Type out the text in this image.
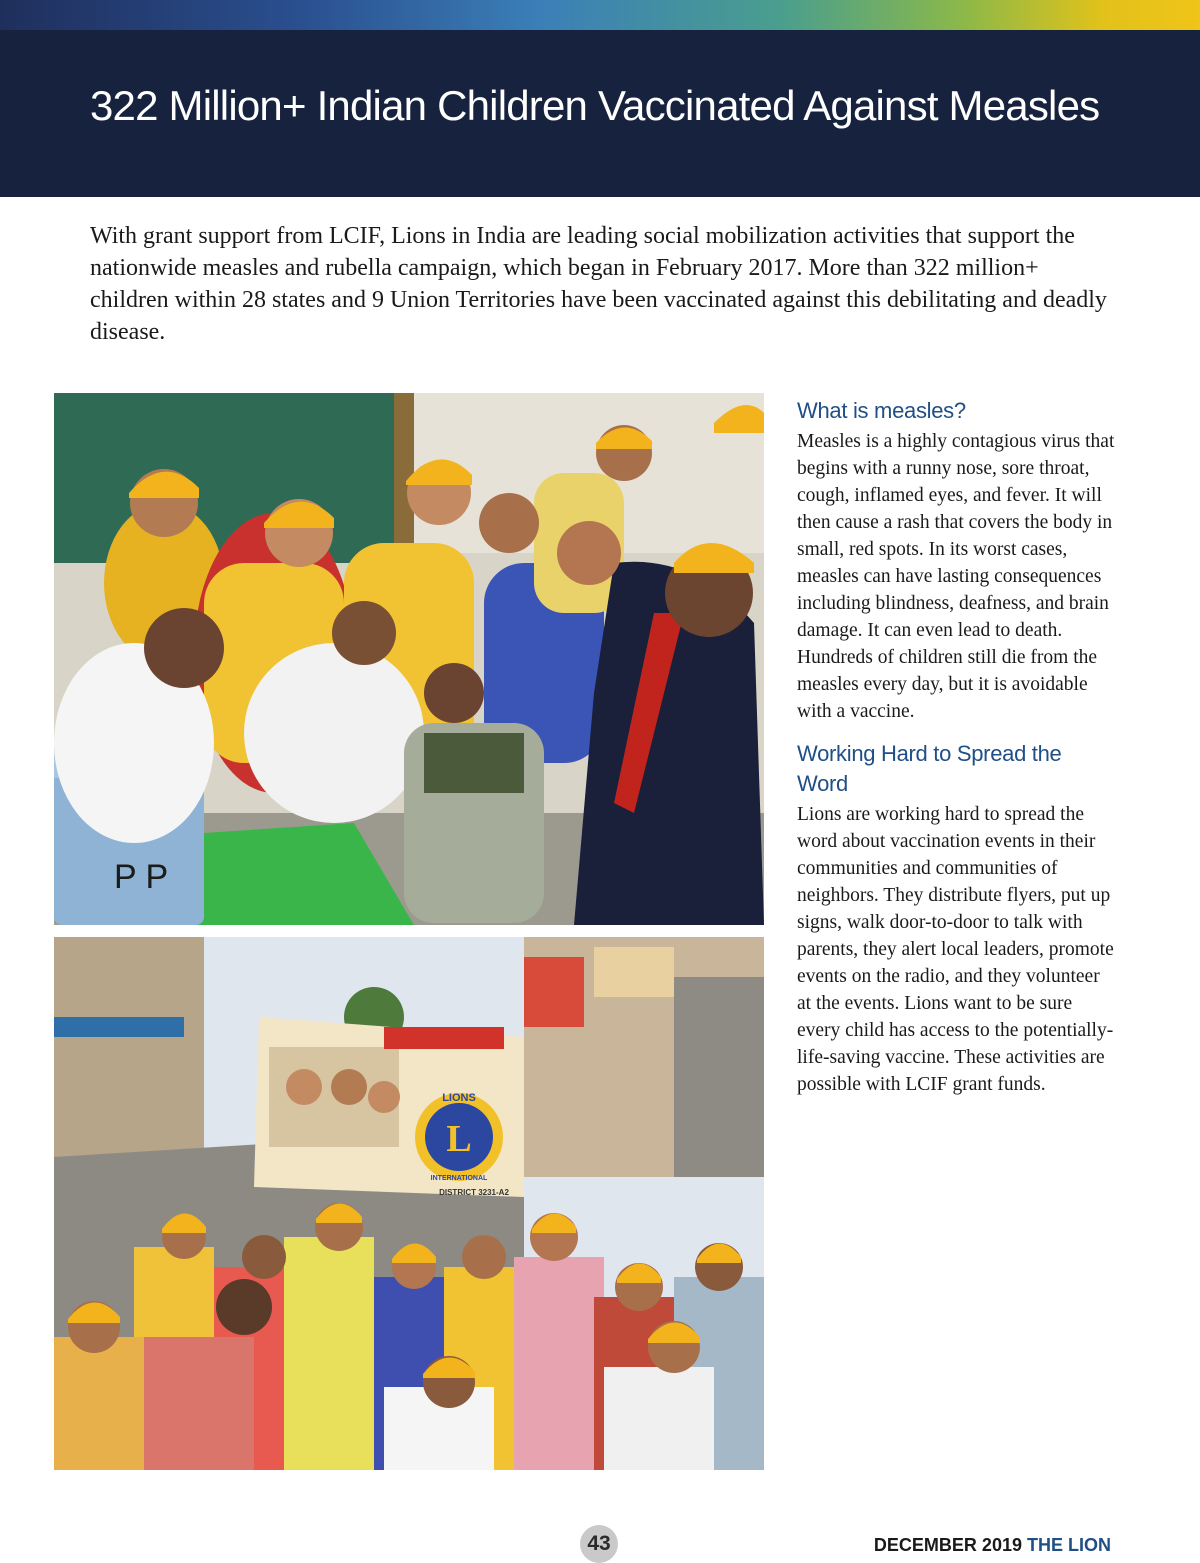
322 Million+ Indian Children Vaccinated Against Measles

With grant support from LCIF, Lions in India are leading social mobilization activities that support the nationwide measles and rubella campaign, which began in February 2017. More than 322 million+ children within 28 states and 9 Union Territories have been vaccinated against this debilitating and deadly disease.

P P
L
LIONS
INTERNATIONAL
DISTRICT 3231-A2
What is measles?

Measles is a highly contagious virus that begins with a runny nose, sore throat, cough, inflamed eyes, and fever. It will then cause a rash that covers the body in small, red spots. In its worst cases, measles can have lasting consequences including blindness, deafness, and brain damage. It can even lead to death. Hundreds of children still die from the measles every day, but it is avoidable with a vaccine.

Working Hard to Spread the Word

Lions are working hard to spread the word about vaccination events in their communities and communities of neighbors. They distribute flyers, put up signs, walk door-to-door to talk with parents, they alert local leaders, promote events on the radio, and they volunteer at the events. Lions want to be sure every child has access to the potentially-life-saving vaccine. These activities are possible with LCIF grant funds.

43	DECEMBER 2019 THE LION
